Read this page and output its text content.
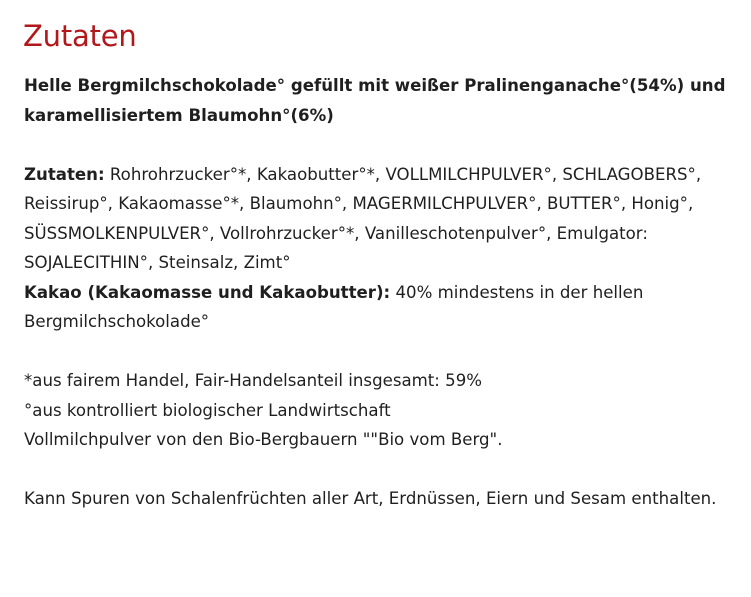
Zutaten

Helle Bergmilchschokolade° gefüllt mit weißer Pralinenganache°(54%) und karamellisiertem Blaumohn°(6%)

Zutaten: Rohrohrzucker°*, Kakaobutter°*, VOLLMILCHPULVER°, SCHLAGOBERS°, Reissirup°, Kakaomasse°*, Blaumohn°, MAGERMILCHPULVER°, BUTTER°, Honig°, SÜSSMOLKENPULVER°, Vollrohrzucker°*, Vanilleschotenpulver°, Emulgator: SOJALECITHIN°, Steinsalz, Zimt°

Kakao (Kakaomasse und Kakaobutter): 40% mindestens in der hellen Bergmilchschokolade°

*aus fairem Handel, Fair-Handelsanteil insgesamt: 59%

°aus kontrolliert biologischer Landwirtschaft

Vollmilchpulver von den Bio-Bergbauern ""Bio vom Berg".

Kann Spuren von Schalenfrüchten aller Art, Erdnüssen, Eiern und Sesam enthalten.
